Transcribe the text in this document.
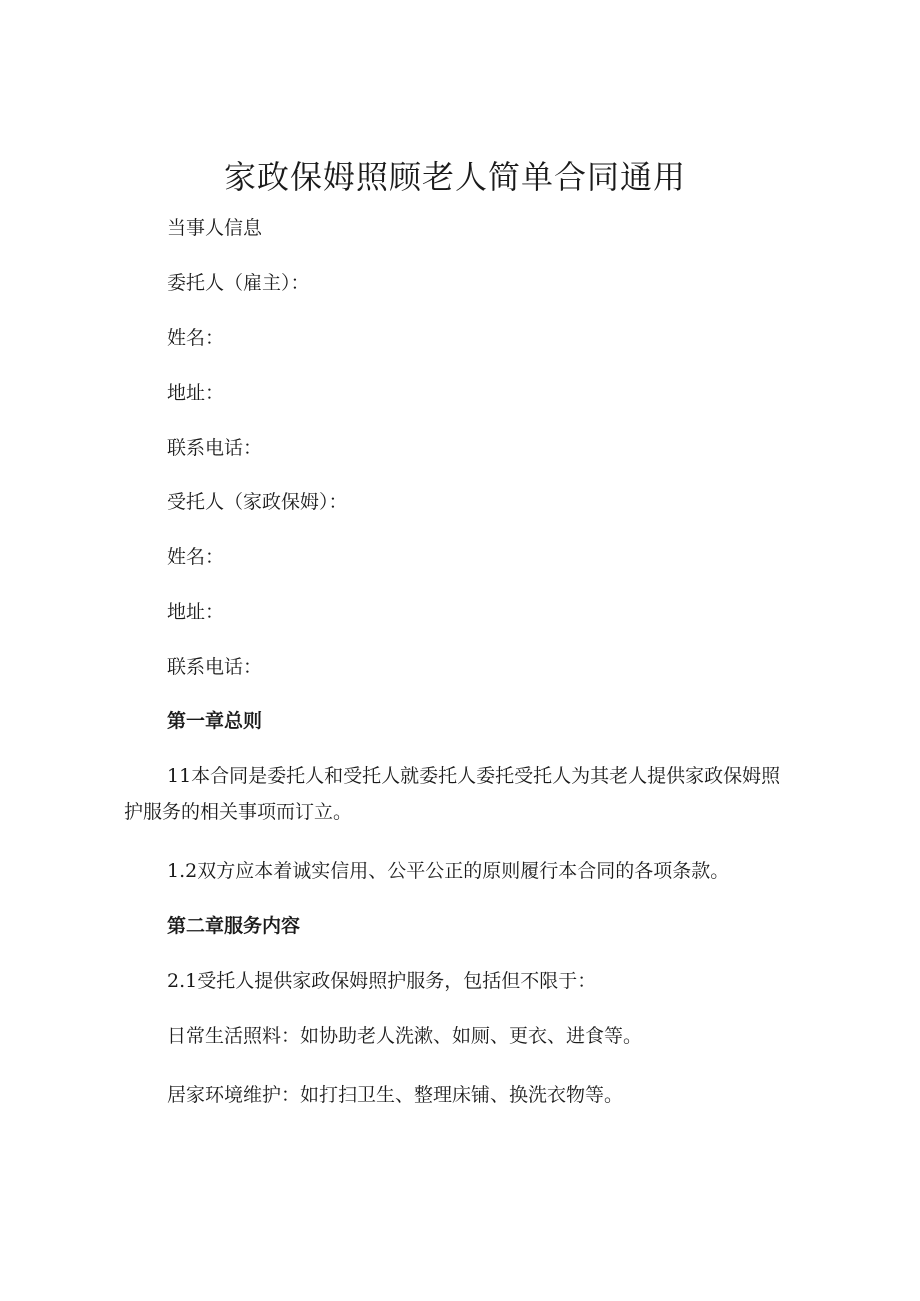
家政保姆照顾老人简单合同通用
当事人信息
委托人（雇主）：
姓名：
地址：
联系电话：
受托人（家政保姆）：
姓名：
地址：
联系电话：
第一章总则

11本合同是委托人和受托人就委托人委托受托人为其老人提供家政保姆照护服务的相关事项而订立。

1.2双方应本着诚实信用、公平公正的原则履行本合同的各项条款。
第二章服务内容
2.1受托人提供家政保姆照护服务，包括但不限于：
日常生活照料：如协助老人洗漱、如厕、更衣、进食等。
居家环境维护：如打扫卫生、整理床铺、换洗衣物等。
